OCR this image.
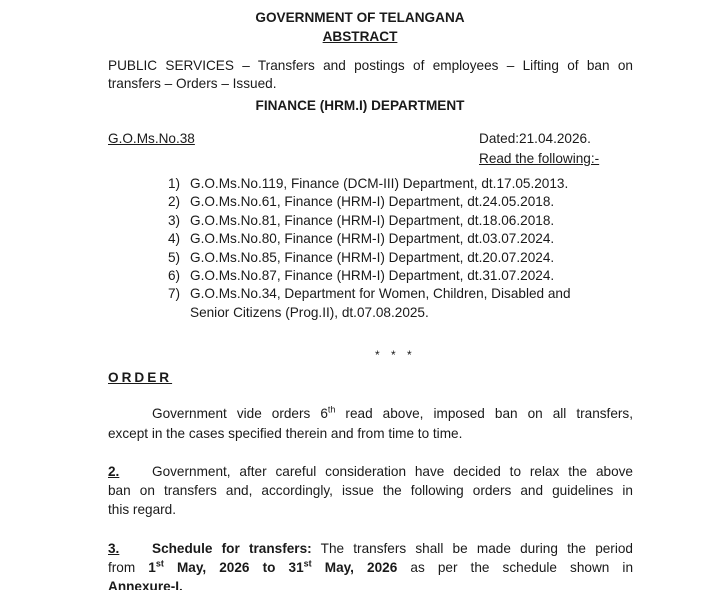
GOVERNMENT OF TELANGANA
ABSTRACT
PUBLIC SERVICES – Transfers and postings of employees – Lifting of ban on
transfers – Orders – Issued.
FINANCE (HRM.I) DEPARTMENT
G.O.Ms.No.38	Dated:21.04.2026.
Read the following:-
1) G.O.Ms.No.119, Finance (DCM-III) Department, dt.17.05.2013.
2) G.O.Ms.No.61, Finance (HRM-I) Department, dt.24.05.2018.
3) G.O.Ms.No.81, Finance (HRM-I) Department, dt.18.06.2018.
4) G.O.Ms.No.80, Finance (HRM-I) Department, dt.03.07.2024.
5) G.O.Ms.No.85, Finance (HRM-I) Department, dt.20.07.2024.
6) G.O.Ms.No.87, Finance (HRM-I) Department, dt.31.07.2024.
7) G.O.Ms.No.34, Department for Women, Children, Disabled and
Senior Citizens (Prog.II), dt.07.08.2025.
* * *
ORDER
Government vide orders 6th read above, imposed ban on all transfers,
except in the cases specified therein and from time to time.
2. Government, after careful consideration have decided to relax the above
ban on transfers and, accordingly, issue the following orders and guidelines in
this regard.
3. Schedule for transfers: The transfers shall be made during the period
from 1st May, 2026 to 31st May, 2026 as per the schedule shown in
Annexure-I.
